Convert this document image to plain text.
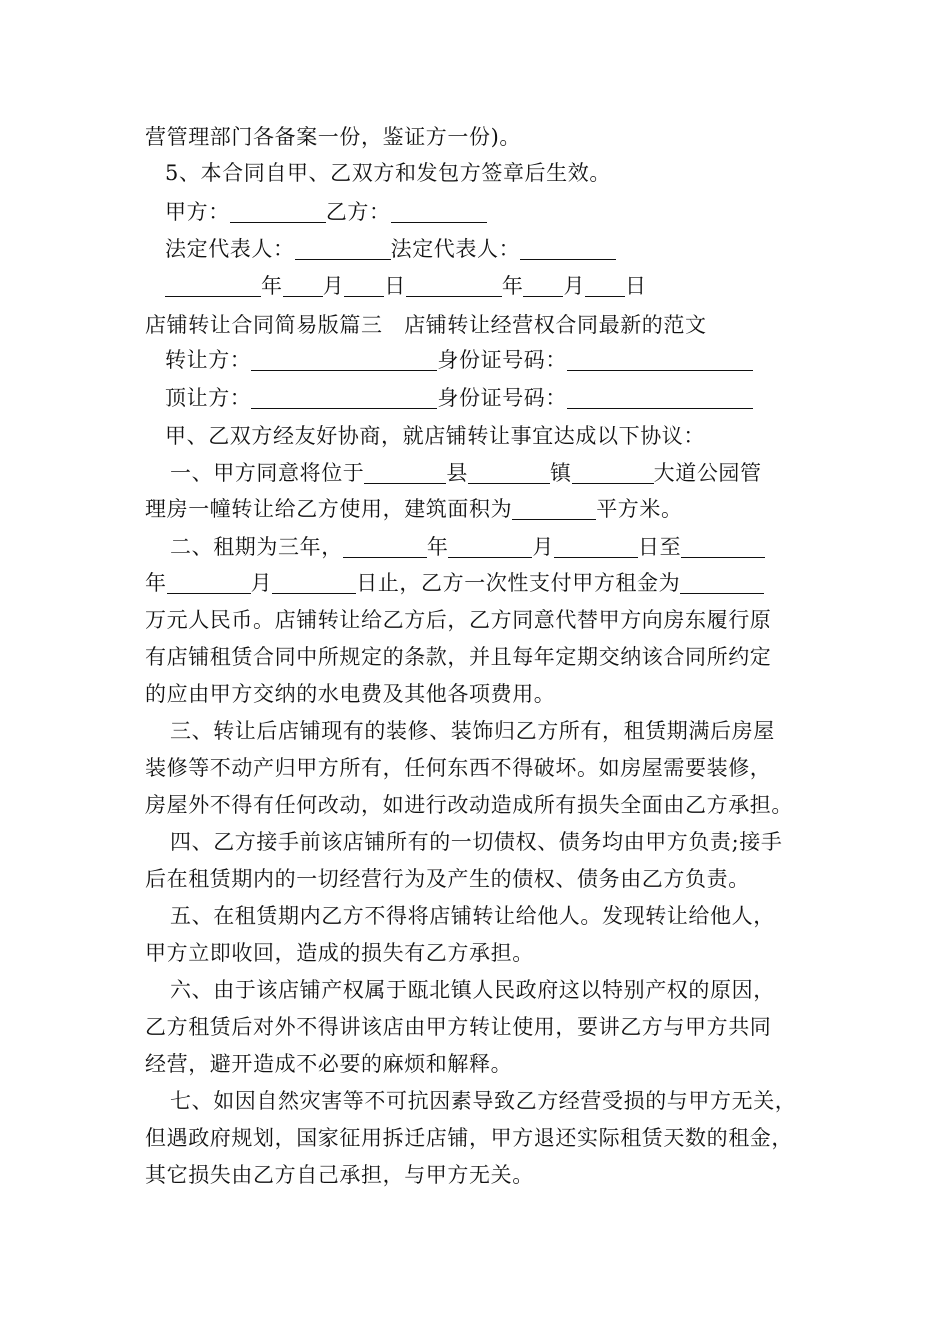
营管理部门各备案一份，鉴证方一份)。
5、本合同自甲、乙双方和发包方签章后生效。
甲方：	乙方：
法定代表人：	法定代表人：
年 月 日	年 月 日
店铺转让合同简易版篇三　店铺转让经营权合同最新的范文
转让方：	身份证号码：
顶让方：	身份证号码：
甲、乙双方经友好协商，就店铺转让事宜达成以下协议：
一、甲方同意将位于	县	镇	大道公园管
理房一幢转让给乙方使用，建筑面积为	平方米。
二、租期为三年，	年	月	日至
年	月	日止，乙方一次性支付甲方租金为
万元人民币。店铺转让给乙方后，乙方同意代替甲方向房东履行原
有店铺租赁合同中所规定的条款，并且每年定期交纳该合同所约定
的应由甲方交纳的水电费及其他各项费用。
三、转让后店铺现有的装修、装饰归乙方所有，租赁期满后房屋
装修等不动产归甲方所有，任何东西不得破坏。如房屋需要装修，
房屋外不得有任何改动，如进行改动造成所有损失全面由乙方承担。
四、乙方接手前该店铺所有的一切债权、债务均由甲方负责;接手
后在租赁期内的一切经营行为及产生的债权、债务由乙方负责。
五、在租赁期内乙方不得将店铺转让给他人。发现转让给他人，
甲方立即收回，造成的损失有乙方承担。
六、由于该店铺产权属于瓯北镇人民政府这以特别产权的原因，
乙方租赁后对外不得讲该店由甲方转让使用，要讲乙方与甲方共同
经营，避开造成不必要的麻烦和解释。
七、如因自然灾害等不可抗因素导致乙方经营受损的与甲方无关，
但遇政府规划，国家征用拆迁店铺，甲方退还实际租赁天数的租金，
其它损失由乙方自己承担，与甲方无关。
